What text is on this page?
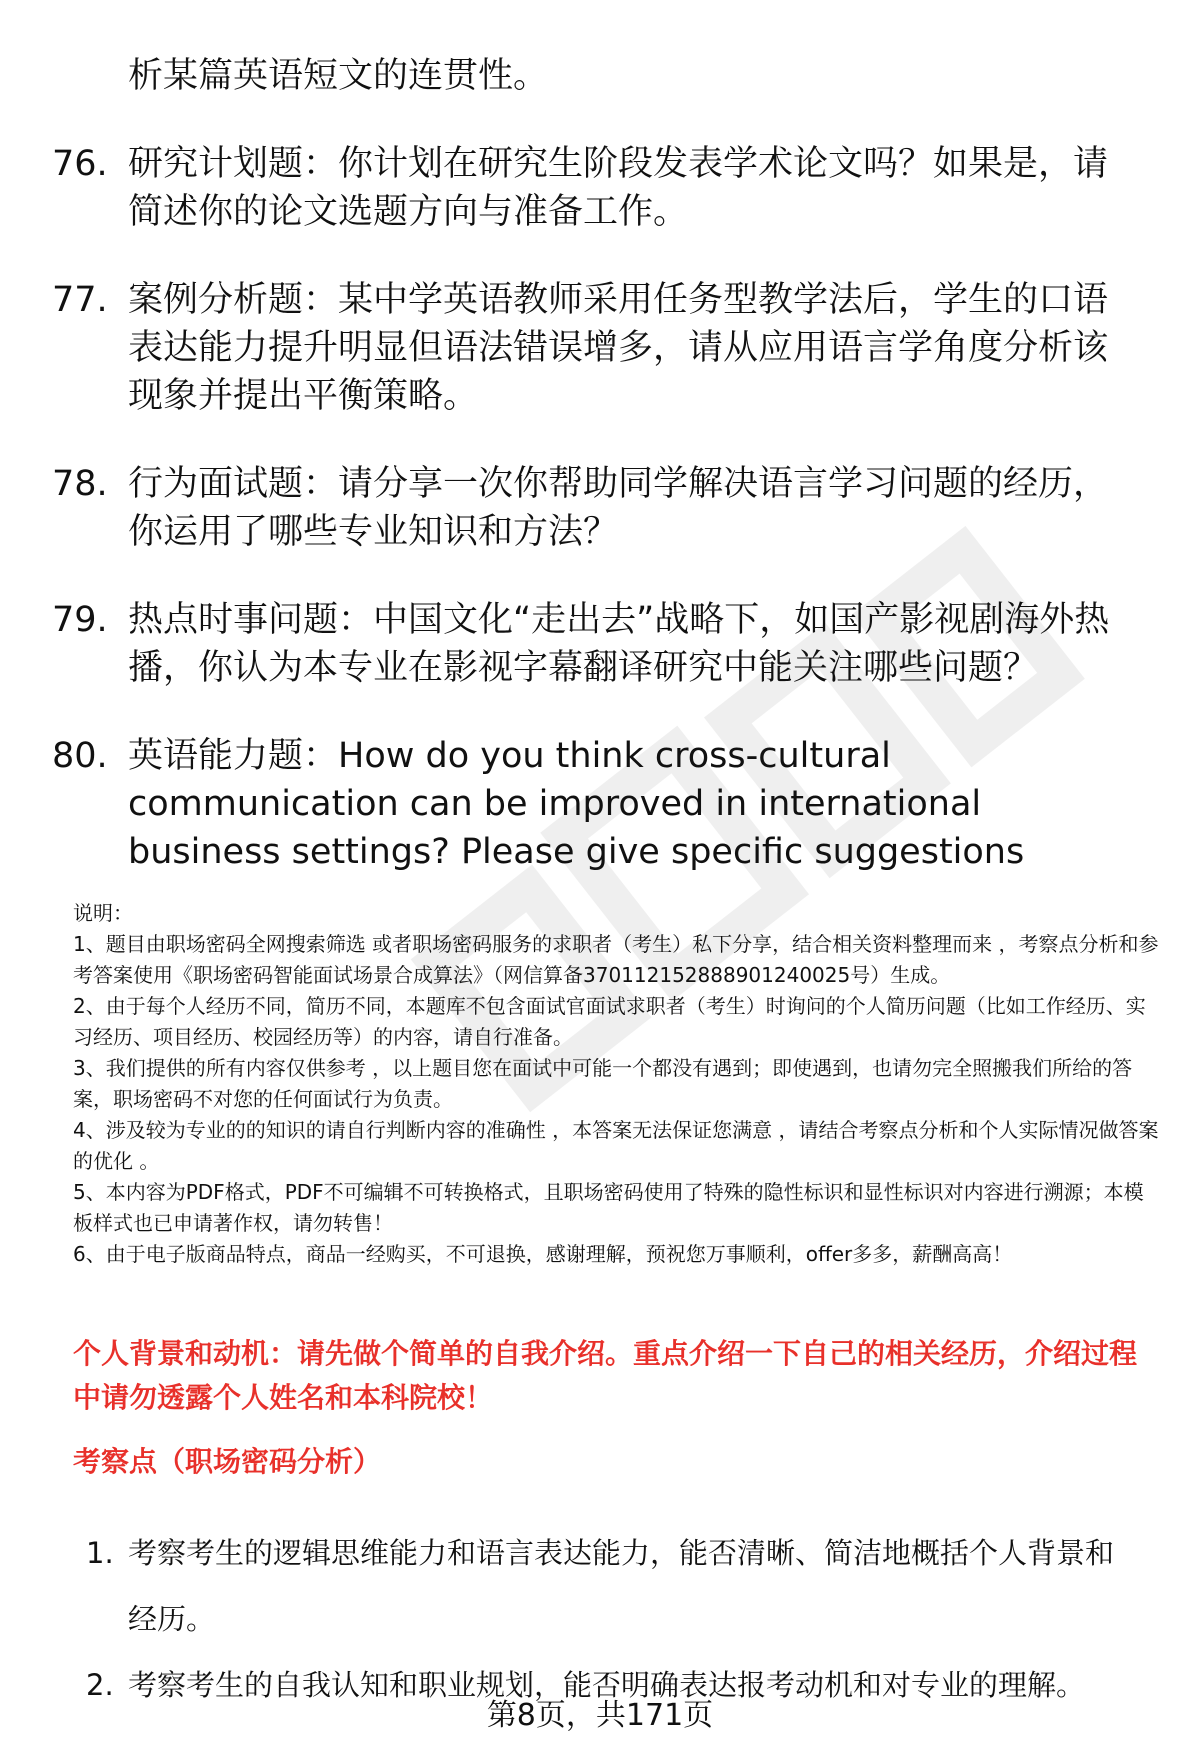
析某篇英语短文的连贯性。
76. 研究计划题：你计划在研究生阶段发表学术论文吗？如果是，请简述你的论文选题方向与准备工作。
77. 案例分析题：某中学英语教师采用任务型教学法后，学生的口语表达能力提升明显但语法错误增多，请从应用语言学角度分析该现象并提出平衡策略。
78. 行为面试题：请分享一次你帮助同学解决语言学习问题的经历，你运用了哪些专业知识和方法？
79. 热点时事问题：中国文化“走出去”战略下，如国产影视剧海外热播，你认为本专业在影视字幕翻译研究中能关注哪些问题？
80. 英语能力题：How do you think cross-cultural communication can be improved in international business settings? Please give specific suggestions
说明：
1、题目由职场密码全网搜索筛选 或者职场密码服务的求职者（考生）私下分享，结合相关资料整理而来 ，考察点分析和参考答案使用《职场密码智能面试场景合成算法》（网信算备370112152888901240025号）生成。
2、由于每个人经历不同，简历不同，本题库不包含面试官面试求职者（考生）时询问的个人简历问题（比如工作经历、实习经历、项目经历、校园经历等）的内容，请自行准备。
3、我们提供的所有内容仅供参考 ，以上题目您在面试中可能一个都没有遇到；即使遇到，也请勿完全照搬我们所给的答案，职场密码不对您的任何面试行为负责。
4、涉及较为专业的的知识的请自行判断内容的准确性 ，本答案无法保证您满意 ，请结合考察点分析和个人实际情况做答案的优化 。
5、本内容为PDF格式，PDF不可编辑不可转换格式，且职场密码使用了特殊的隐性标识和显性标识对内容进行溯源；本模板样式也已申请著作权，请勿转售！
6、由于电子版商品特点，商品一经购买，不可退换，感谢理解，预祝您万事顺利，offer多多，薪酬高高！
个人背景和动机：请先做个简单的自我介绍。重点介绍一下自己的相关经历，介绍过程中请勿透露个人姓名和本科院校！
考察点（职场密码分析）
1. 考察考生的逻辑思维能力和语言表达能力，能否清晰、简洁地概括个人背景和经历。
2. 考察考生的自我认知和职业规划，能否明确表达报考动机和对专业的理解。
第8页，共171页
